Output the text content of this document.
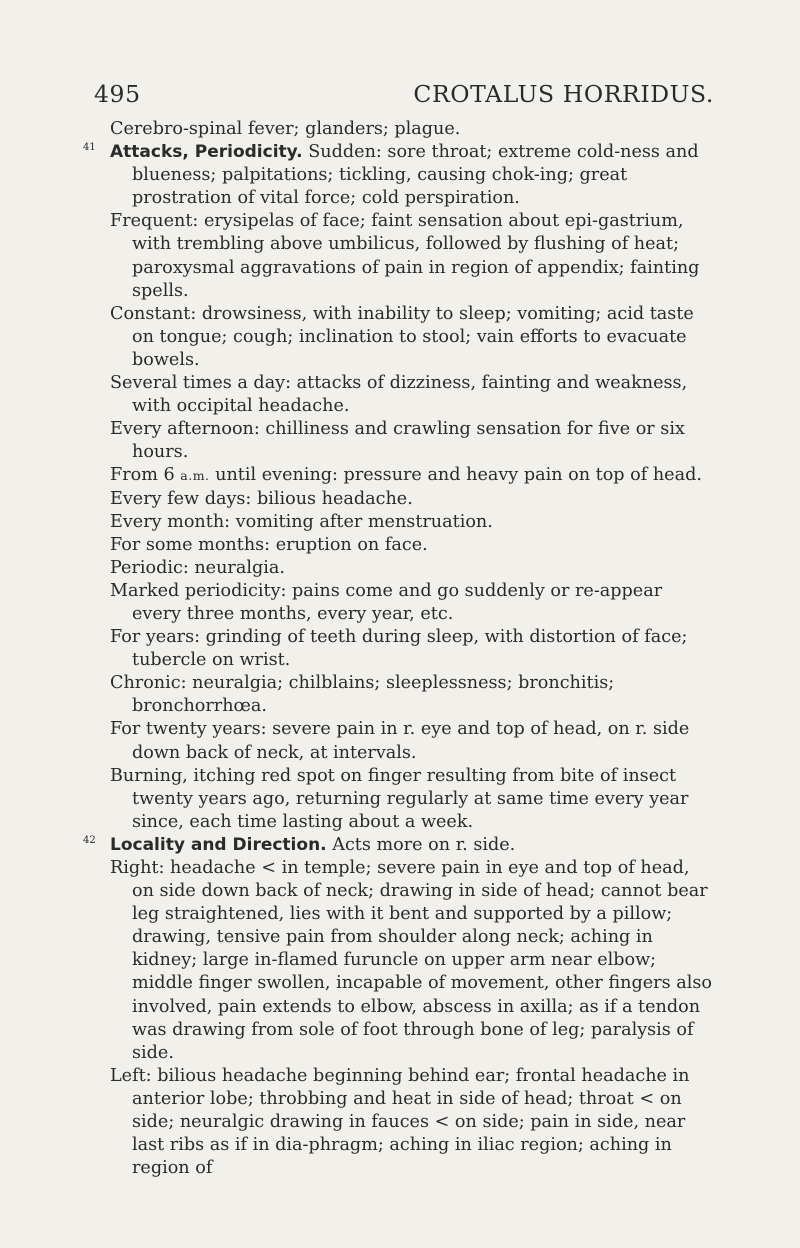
495	CROTALUS HORRIDUS.
Cerebro-spinal fever; glanders; plague.
41 Attacks, Periodicity. Sudden: sore throat; extreme cold-ness and blueness; palpitations; tickling, causing chok-ing; great prostration of vital force; cold perspiration.
Frequent: erysipelas of face; faint sensation about epi-gastrium, with trembling above umbilicus, followed by flushing of heat; paroxysmal aggravations of pain in region of appendix; fainting spells.
Constant: drowsiness, with inability to sleep; vomiting; acid taste on tongue; cough; inclination to stool; vain efforts to evacuate bowels.
Several times a day: attacks of dizziness, fainting and weakness, with occipital headache.
Every afternoon: chilliness and crawling sensation for five or six hours.
From 6 a.m. until evening: pressure and heavy pain on top of head.
Every few days: bilious headache.
Every month: vomiting after menstruation.
For some months: eruption on face.
Periodic: neuralgia.
Marked periodicity: pains come and go suddenly or re-appear every three months, every year, etc.
For years: grinding of teeth during sleep, with distortion of face; tubercle on wrist.
Chronic: neuralgia; chilblains; sleeplessness; bronchitis; bronchorrhœa.
For twenty years: severe pain in r. eye and top of head, on r. side down back of neck, at intervals.
Burning, itching red spot on finger resulting from bite of insect twenty years ago, returning regularly at same time every year since, each time lasting about a week.
42 Locality and Direction. Acts more on r. side.
Right: headache < in temple; severe pain in eye and top of head, on side down back of neck; drawing in side of head; cannot bear leg straightened, lies with it bent and supported by a pillow; drawing, tensive pain from shoulder along neck; aching in kidney; large in-flamed furuncle on upper arm near elbow; middle finger swollen, incapable of movement, other fingers also involved, pain extends to elbow, abscess in axilla; as if a tendon was drawing from sole of foot through bone of leg; paralysis of side.
Left: bilious headache beginning behind ear; frontal headache in anterior lobe; throbbing and heat in side of head; throat < on side; neuralgic drawing in fauces < on side; pain in side, near last ribs as if in dia-phragm; aching in iliac region; aching in region of
